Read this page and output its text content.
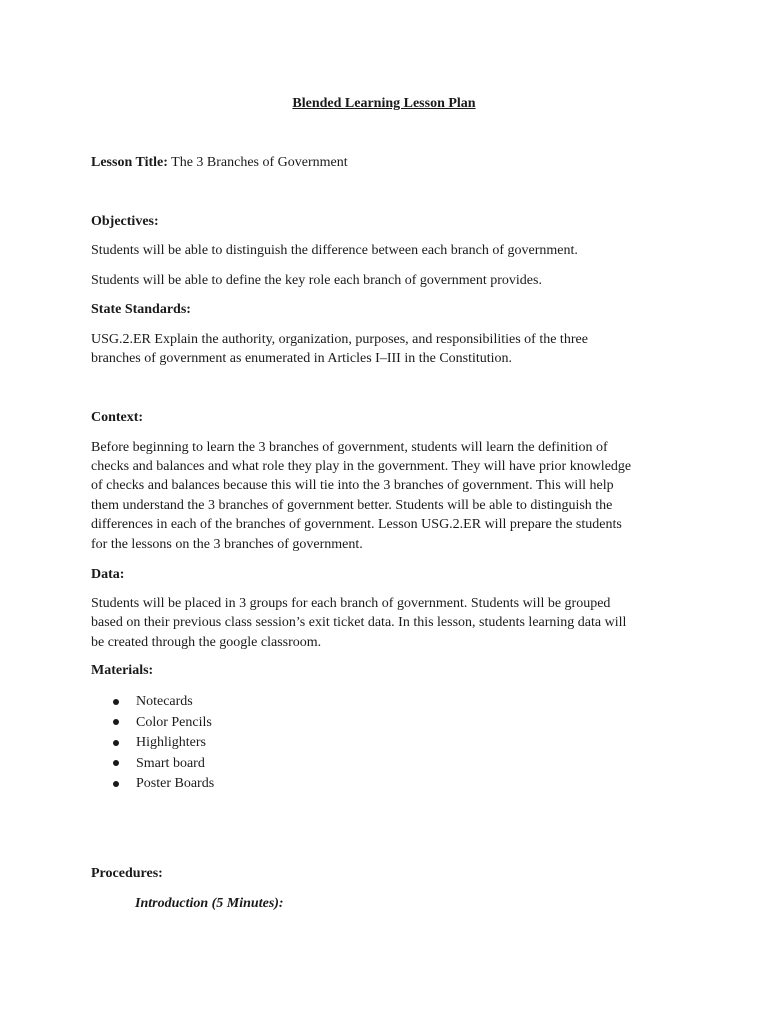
Blended Learning Lesson Plan
Lesson Title: The 3 Branches of Government
Objectives:
Students will be able to distinguish the difference between each branch of government.
Students will be able to define the key role each branch of government provides.
State Standards:
USG.2.ER Explain the authority, organization, purposes, and responsibilities of the three
branches of government as enumerated in Articles I–III in the Constitution.
Context:
Before beginning to learn the 3 branches of government, students will learn the definition of
checks and balances and what role they play in the government. They will have prior knowledge
of checks and balances because this will tie into the 3 branches of government. This will help
them understand the 3 branches of government better. Students will be able to distinguish the
differences in each of the branches of government. Lesson USG.2.ER will prepare the students
for the lessons on the 3 branches of government.
Data:
Students will be placed in 3 groups for each branch of government. Students will be grouped
based on their previous class session’s exit ticket data. In this lesson, students learning data will
be created through the google classroom.
Materials:
Notecards
Color Pencils
Highlighters
Smart board
Poster Boards
Procedures:
Introduction (5 Minutes):
